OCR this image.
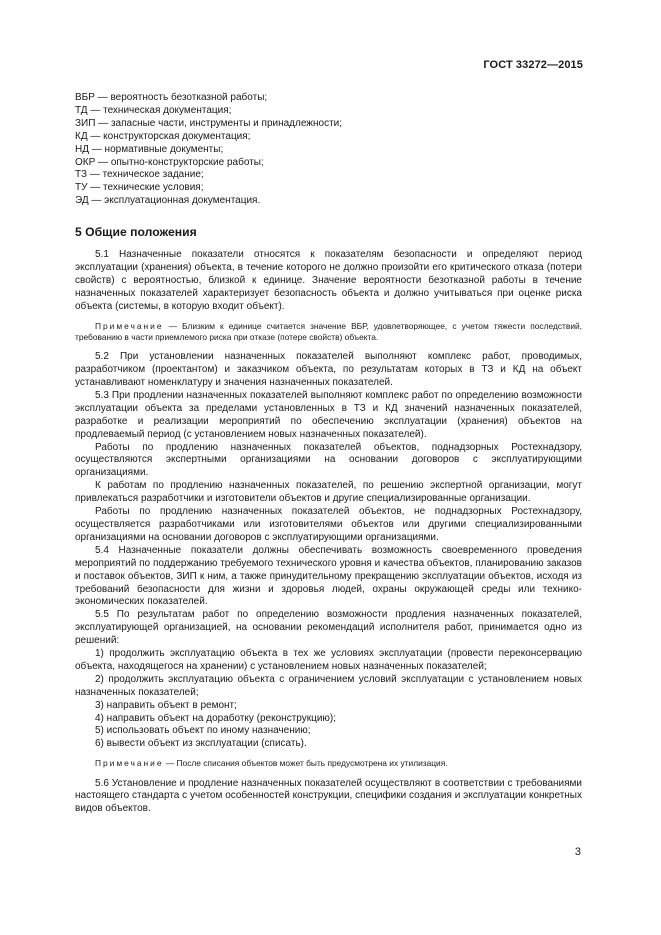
ГОСТ 33272—2015
ВБР — вероятность безотказной работы;
ТД — техническая документация;
ЗИП — запасные части, инструменты и принадлежности;
КД — конструкторская документация;
НД — нормативные документы;
ОКР — опытно-конструкторские работы;
ТЗ — техническое задание;
ТУ — технические условия;
ЭД — эксплуатационная документация.
5 Общие положения

5.1 Назначенные показатели относятся к показателям безопасности и определяют период эксплуатации (хранения) объекта, в течение которого не должно произойти его критического отказа (потери свойств) с вероятностью, близкой к единице. Значение вероятности безотказной работы в течение назначенных показателей характеризует безопасность объекта и должно учитываться при оценке риска объекта (системы, в которую входит объект).

Примечание — Близким к единице считается значение ВБР, удовлетворяющее, с учетом тяжести последствий, требованию в части приемлемого риска при отказе (потере свойств) объекта.

5.2 При установлении назначенных показателей выполняют комплекс работ, проводимых, разработчиком (проектантом) и заказчиком объекта, по результатам которых в ТЗ и КД на объект устанавливают номенклатуру и значения назначенных показателей.

5.3 При продлении назначенных показателей выполняют комплекс работ по определению возможности эксплуатации объекта за пределами установленных в ТЗ и КД значений назначенных показателей, разработке и реализации мероприятий по обеспечению эксплуатации (хранения) объектов на продлеваемый период (с установлением новых назначенных показателей).

Работы по продлению назначенных показателей объектов, поднадзорных Ростехнадзору, осуществляются экспертными организациями на основании договоров с эксплуатирующими организациями.

К работам по продлению назначенных показателей, по решению экспертной организации, могут привлекаться разработчики и изготовители объектов и другие специализированные организации.

Работы по продлению назначенных показателей объектов, не поднадзорных Ростехнадзору, осуществляется разработчиками или изготовителями объектов или другими специализированными организациями на основании договоров с эксплуатирующими организациями.

5.4 Назначенные показатели должны обеспечивать возможность своевременного проведения мероприятий по поддержанию требуемого технического уровня и качества объектов, планированию заказов и поставок объектов, ЗИП к ним, а также принудительному прекращению эксплуатации объектов, исходя из требований безопасности для жизни и здоровья людей, охраны окружающей среды или технико-экономических показателей.

5.5 По результатам работ по определению возможности продления назначенных показателей, эксплуатирующей организацией, на основании рекомендаций исполнителя работ, принимается одно из решений:

1) продолжить эксплуатацию объекта в тех же условиях эксплуатации (провести переконсервацию объекта, находящегося на хранении) с установлением новых назначенных показателей;

2) продолжить эксплуатацию объекта с ограничением условий эксплуатации с установлением новых назначенных показателей;

3) направить объект в ремонт;

4) направить объект на доработку (реконструкцию);

5) использовать объект по иному назначению;

6) вывести объект из эксплуатации (списать).

Примечание — После списания объектов может быть предусмотрена их утилизация.

5.6 Установление и продление назначенных показателей осуществляют в соответствии с требованиями настоящего стандарта с учетом особенностей конструкции, специфики создания и эксплуатации конкретных видов объектов.

3
